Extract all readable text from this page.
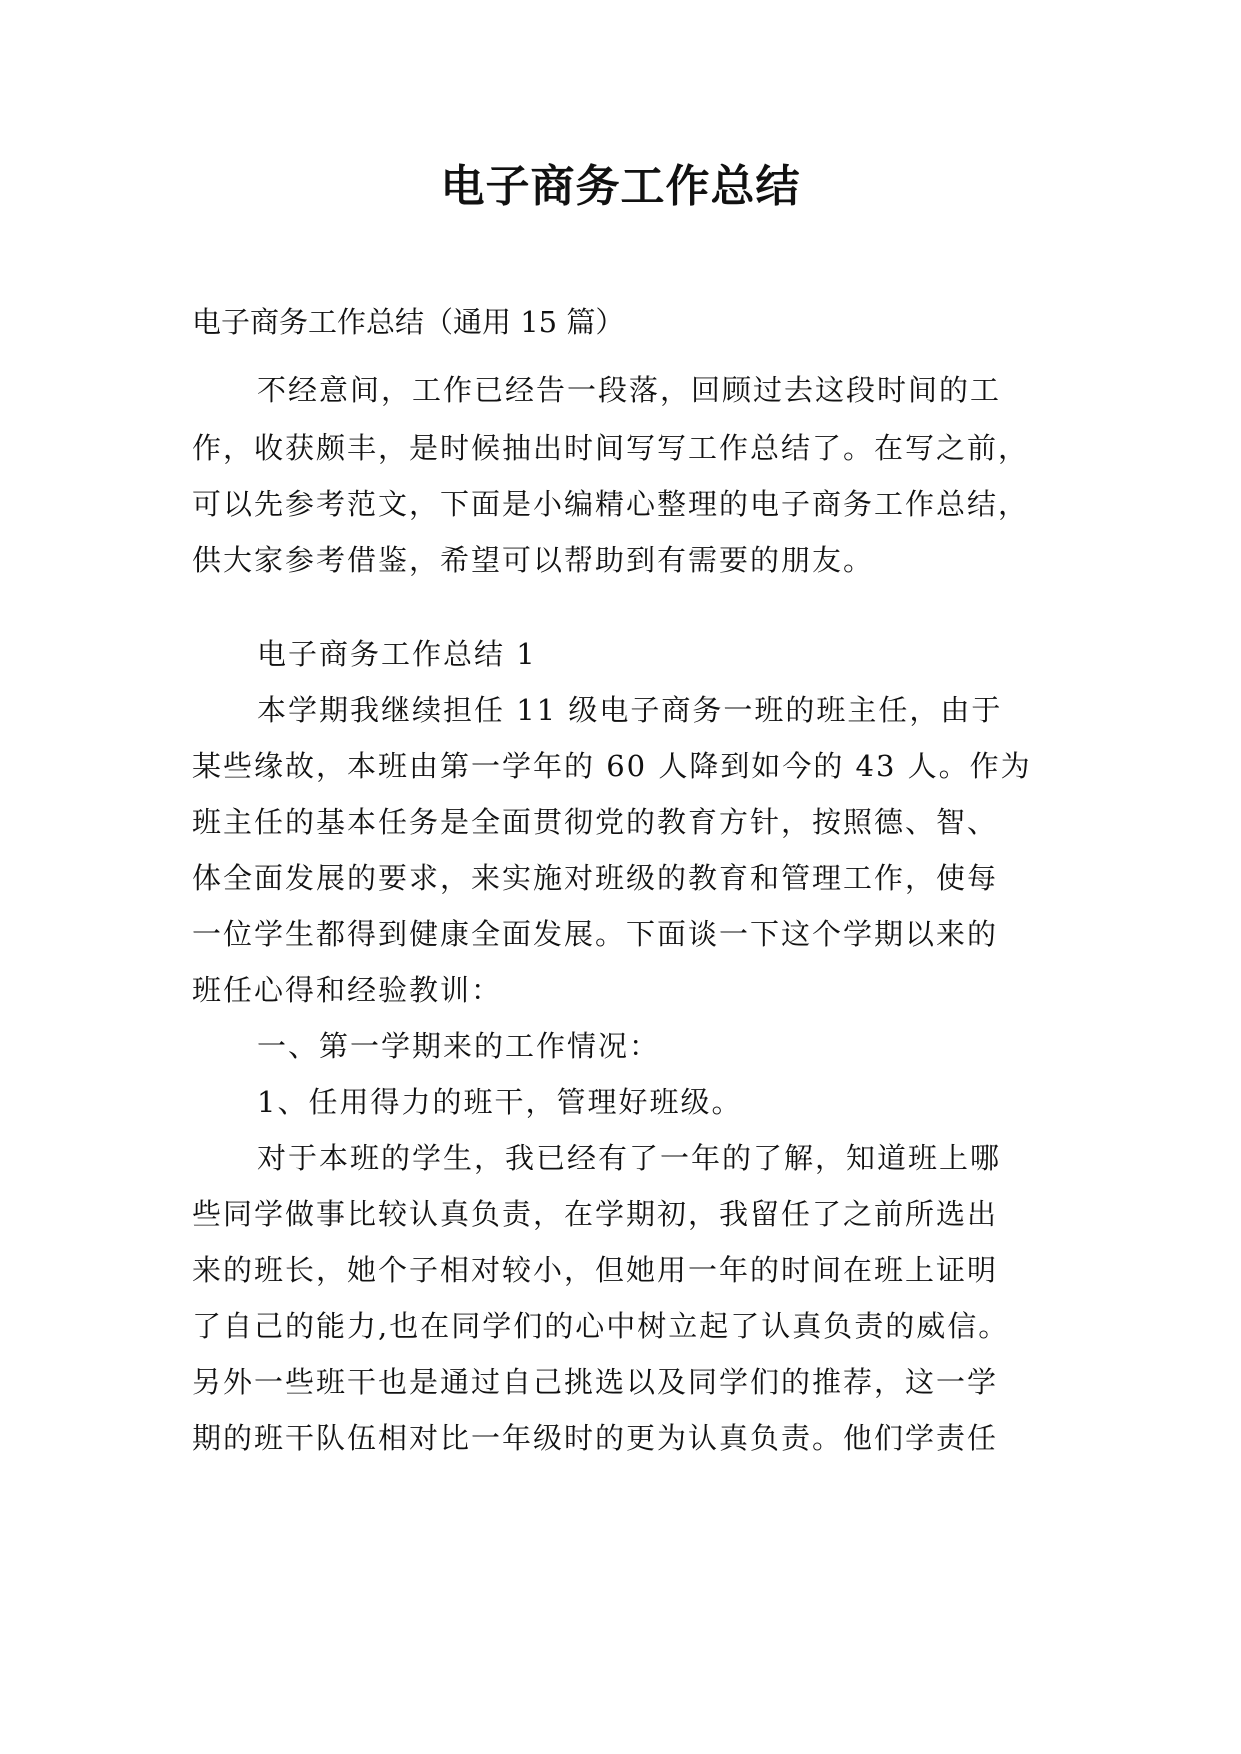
电子商务工作总结
电子商务工作总结（通用 15 篇）
不经意间，工作已经告一段落，回顾过去这段时间的工
作，收获颇丰，是时候抽出时间写写工作总结了。在写之前，
可以先参考范文，下面是小编精心整理的电子商务工作总结，
供大家参考借鉴，希望可以帮助到有需要的朋友。
电子商务工作总结 1
本学期我继续担任 11 级电子商务一班的班主任，由于
某些缘故，本班由第一学年的 60 人降到如今的 43 人。作为
班主任的基本任务是全面贯彻党的教育方针，按照德、智、
体全面发展的要求，来实施对班级的教育和管理工作，使每
一位学生都得到健康全面发展。下面谈一下这个学期以来的
班任心得和经验教训：
一、第一学期来的工作情况：
1、任用得力的班干，管理好班级。
对于本班的学生，我已经有了一年的了解，知道班上哪
些同学做事比较认真负责，在学期初，我留任了之前所选出
来的班长，她个子相对较小，但她用一年的时间在班上证明
了自己的能力,也在同学们的心中树立起了认真负责的威信。
另外一些班干也是通过自己挑选以及同学们的推荐，这一学
期的班干队伍相对比一年级时的更为认真负责。他们学责任
